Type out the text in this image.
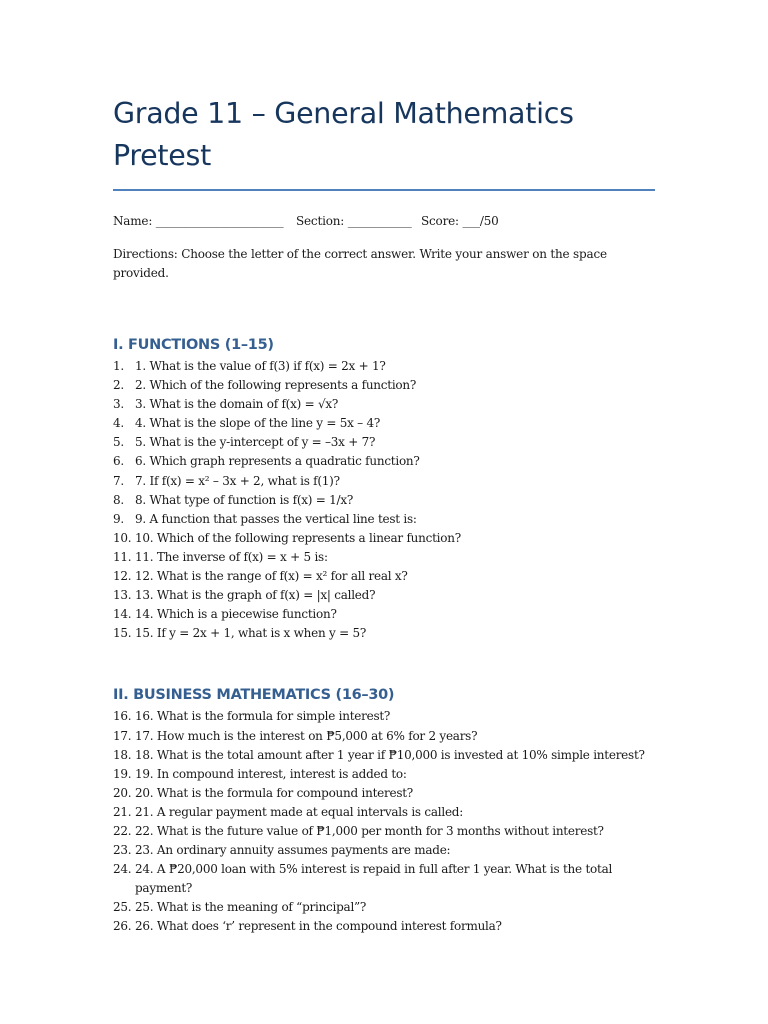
Grade 11 – General Mathematics
Pretest
Name: ______________________ Section: ___________ Score: ___/50
Directions: Choose the letter of the correct answer. Write your answer on the space provided.
I. FUNCTIONS (1–15)
1. 1. What is the value of f(3) if f(x) = 2x + 1?
2. 2. Which of the following represents a function?
3. 3. What is the domain of f(x) = √x?
4. 4. What is the slope of the line y = 5x – 4?
5. 5. What is the y-intercept of y = –3x + 7?
6. 6. Which graph represents a quadratic function?
7. 7. If f(x) = x² – 3x + 2, what is f(1)?
8. 8. What type of function is f(x) = 1/x?
9. 9. A function that passes the vertical line test is:
10. 10. Which of the following represents a linear function?
11. 11. The inverse of f(x) = x + 5 is:
12. 12. What is the range of f(x) = x² for all real x?
13. 13. What is the graph of f(x) = |x| called?
14. 14. Which is a piecewise function?
15. 15. If y = 2x + 1, what is x when y = 5?
II. BUSINESS MATHEMATICS (16–30)
16. 16. What is the formula for simple interest?
17. 17. How much is the interest on ₱5,000 at 6% for 2 years?
18. 18. What is the total amount after 1 year if ₱10,000 is invested at 10% simple interest?
19. 19. In compound interest, interest is added to:
20. 20. What is the formula for compound interest?
21. 21. A regular payment made at equal intervals is called:
22. 22. What is the future value of ₱1,000 per month for 3 months without interest?
23. 23. An ordinary annuity assumes payments are made:
24. 24. A ₱20,000 loan with 5% interest is repaid in full after 1 year. What is the total payment?
25. 25. What is the meaning of “principal”?
26. 26. What does ‘r’ represent in the compound interest formula?
